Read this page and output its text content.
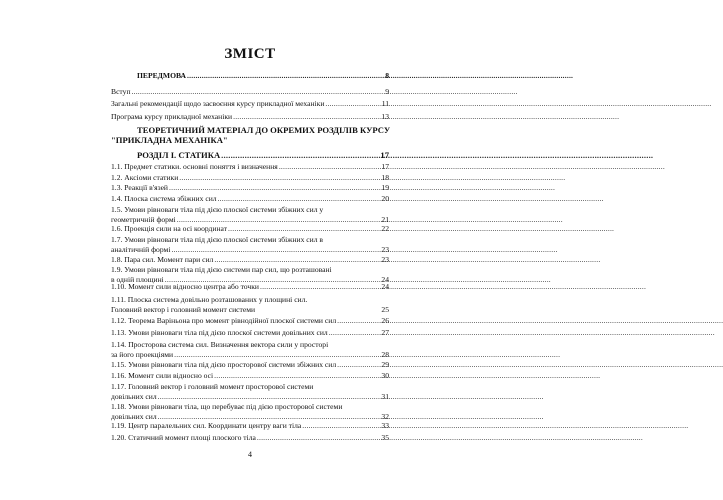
ЗМІСТ
ПЕРЕДМОВА .....	8
Вступ .....	9
Загальні рекомендації щодо засвоєння курсу прикладної механіки .....	11
Програма курсу прикладної механіки .....	13
ТЕОРЕТИЧНИЙ МАТЕРІАЛ ДО ОКРЕМИХ РОЗДІЛІВ КУРСУ
"ПРИКЛАДНА МЕХАНІКА"
РОЗДІЛ І. СТАТИКА .....	17
1.1. Предмет статики. основні поняття і визначення .....	17
1.2. Аксіоми статики .....	18
1.3. Реакції в'язей .....	19
1.4. Плоска система збіжних сил .....	20
1.5. Умови рівноваги тіла під дією плоскої системи збіжних сил у
геометричній формі .....	21
1.6. Проекція сили на осі координат .....	22
1.7. Умови рівноваги тіла під дією плоскої системи збіжних сил в
аналітичній формі .....	23
1.8. Пара сил. Момент пари сил .....	23
1.9. Умови рівноваги тіла під дією системи пар сил, що розташовані
в одній площині .....	24
1.10. Момент сили відносно центра або точки .....	24
1.11. Плоска система довільно розташованих у площині сил.
Головний вектор і головний момент системи	25
1.12. Теорема Варіньона про момент рівнодійної плоскої системи сил .....	26
1.13. Умови рівноваги тіла під дією плоскої системи довільних сил .....	27
1.14. Просторова система сил. Визначення вектора сили у просторі
за його проекціями .....	28
1.15. Умови рівноваги тіла під дією просторової системи збіжних сил .....	29
1.16. Момент сили відносно осі .....	30
1.17. Головний вектор і головний момент просторової системи
довільних сил .....	31
1.18. Умови рівноваги тіла, що перебуває під дією просторової системи
довільних сил .....	32
1.19. Центр паралельних сил. Координати центру ваги тіла .....	33
1.20. Статичний момент площі плоского тіла .....	35
4
